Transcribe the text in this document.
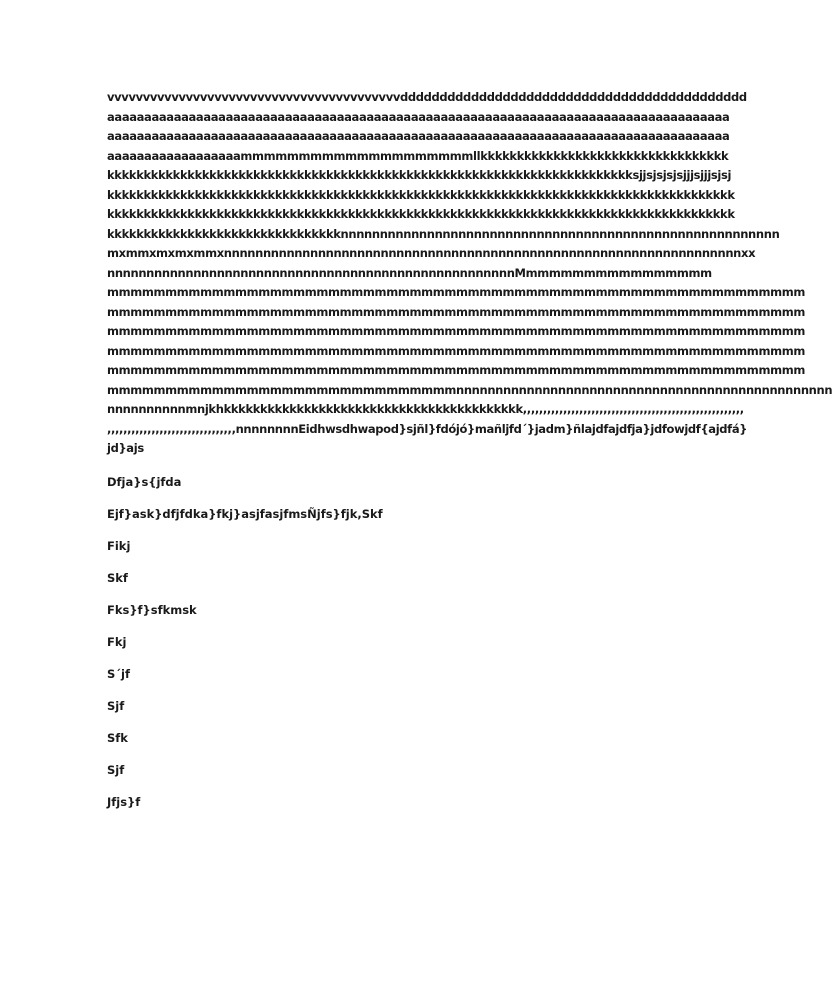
vvvvvvvvvvvvvvvvvvvvvvvvvvvvvvvvvvvvvvvvvdddddddddddddddddddddddddddddddddddddddddddd
aaaaaaaaaaaaaaaaaaaaaaaaaaaaaaaaaaaaaaaaaaaaaaaaaaaaaaaaaaaaaaaaaaaaaaaaaaaaaaaaaaaa
aaaaaaaaaaaaaaaaaaaaaaaaaaaaaaaaaaaaaaaaaaaaaaaaaaaaaaaaaaaaaaaaaaaaaaaaaaaaaaaaaaaa
aaaaaaaaaaaaaaaaaammmmmmmmmmmmmmmmmmmmllkkkkkkkkkkkkkkkkkkkkkkkkkkkkkkkkkk
kkkkkkkkkkkkkkkkkkkkkkkkkkkkkkkkkkkkkkkkkkkkkkkkkkkkkkkkkkkkkkkkkkkkkkkksjjsjsjsjsjjjsjjjsjsj
kkkkkkkkkkkkkkkkkkkkkkkkkkkkkkkkkkkkkkkkkkkkkkkkkkkkkkkkkkkkkkkkkkkkkkkkkkkkkkkkkkkkkk
kkkkkkkkkkkkkkkkkkkkkkkkkkkkkkkkkkkkkkkkkkkkkkkkkkkkkkkkkkkkkkkkkkkkkkkkkkkkkkkkkkkkkk
kkkkkkkkkkkkkkkkkkkkkkkkkkkkkkkknnnnnnnnnnnnnnnnnnnnnnnnnnnnnnnnnnnnnnnnnnnnnnnnnnnnnnnn
mxmmxmxmxmmxnnnnnnnnnnnnnnnnnnnnnnnnnnnnnnnnnnnnnnnnnnnnnnnnnnnnnnnnnnnnnnnnnnxx
nnnnnnnnnnnnnnnnnnnnnnnnnnnnnnnnnnnnnnnnnnnnnnnnnnnnMmmmmmmmmmmmmmmmm
mmmmmmmmmmmmmmmmmmmmmmmmmmmmmmmmmmmmmmmmmmmmmmmmmmmmmmmmmmmm
mmmmmmmmmmmmmmmmmmmmmmmmmmmmmmmmmmmmmmmmmmmmmmmmmmmmmmmmmmmm
mmmmmmmmmmmmmmmmmmmmmmmmmmmmmmmmmmmmmmmmmmmmmmmmmmmmmmmmmmmm
mmmmmmmmmmmmmmmmmmmmmmmmmmmmmmmmmmmmmmmmmmmmmmmmmmmmmmmmmmmm
mmmmmmmmmmmmmmmmmmmmmmmmmmmmmmmmmmmmmmmmmmmmmmmmmmmmmmmmmmmm
mmmmmmmmmmmmmmmmmmmmmmmmmmmmmmnnnnnnnnnnnnnnnnnnnnnnnnnnnnnnnnnnnnnnnnnnnnnnnn
nnnnnnnnnnmnjkhkkkkkkkkkkkkkkkkkkkkkkkkkkkkkkkkkkkkkkkkk,,,,,,,,,,,,,,,,,,,,,,,,,,,,,,,,,,,,,,,,,,,,,,,,,,,,,,,
,,,,,,,,,,,,,,,,,,,,,,,,,,,,,,,,nnnnnnnnEidhwsdhwapod}sjñl}fdójó}mañljfd´}jadm}ñlajdfajdfja}jdfowjdf{ajdfá}
jd}ajs

Dfja}s{jfda

Ejf}ask}dfjfdka}fkj}asjfasjfmsÑjfs}fjk,Skf

Fikj

Skf

Fks}f}sfkmsk

Fkj

S´jf

Sjf

Sfk

Sjf

Jfjs}f
